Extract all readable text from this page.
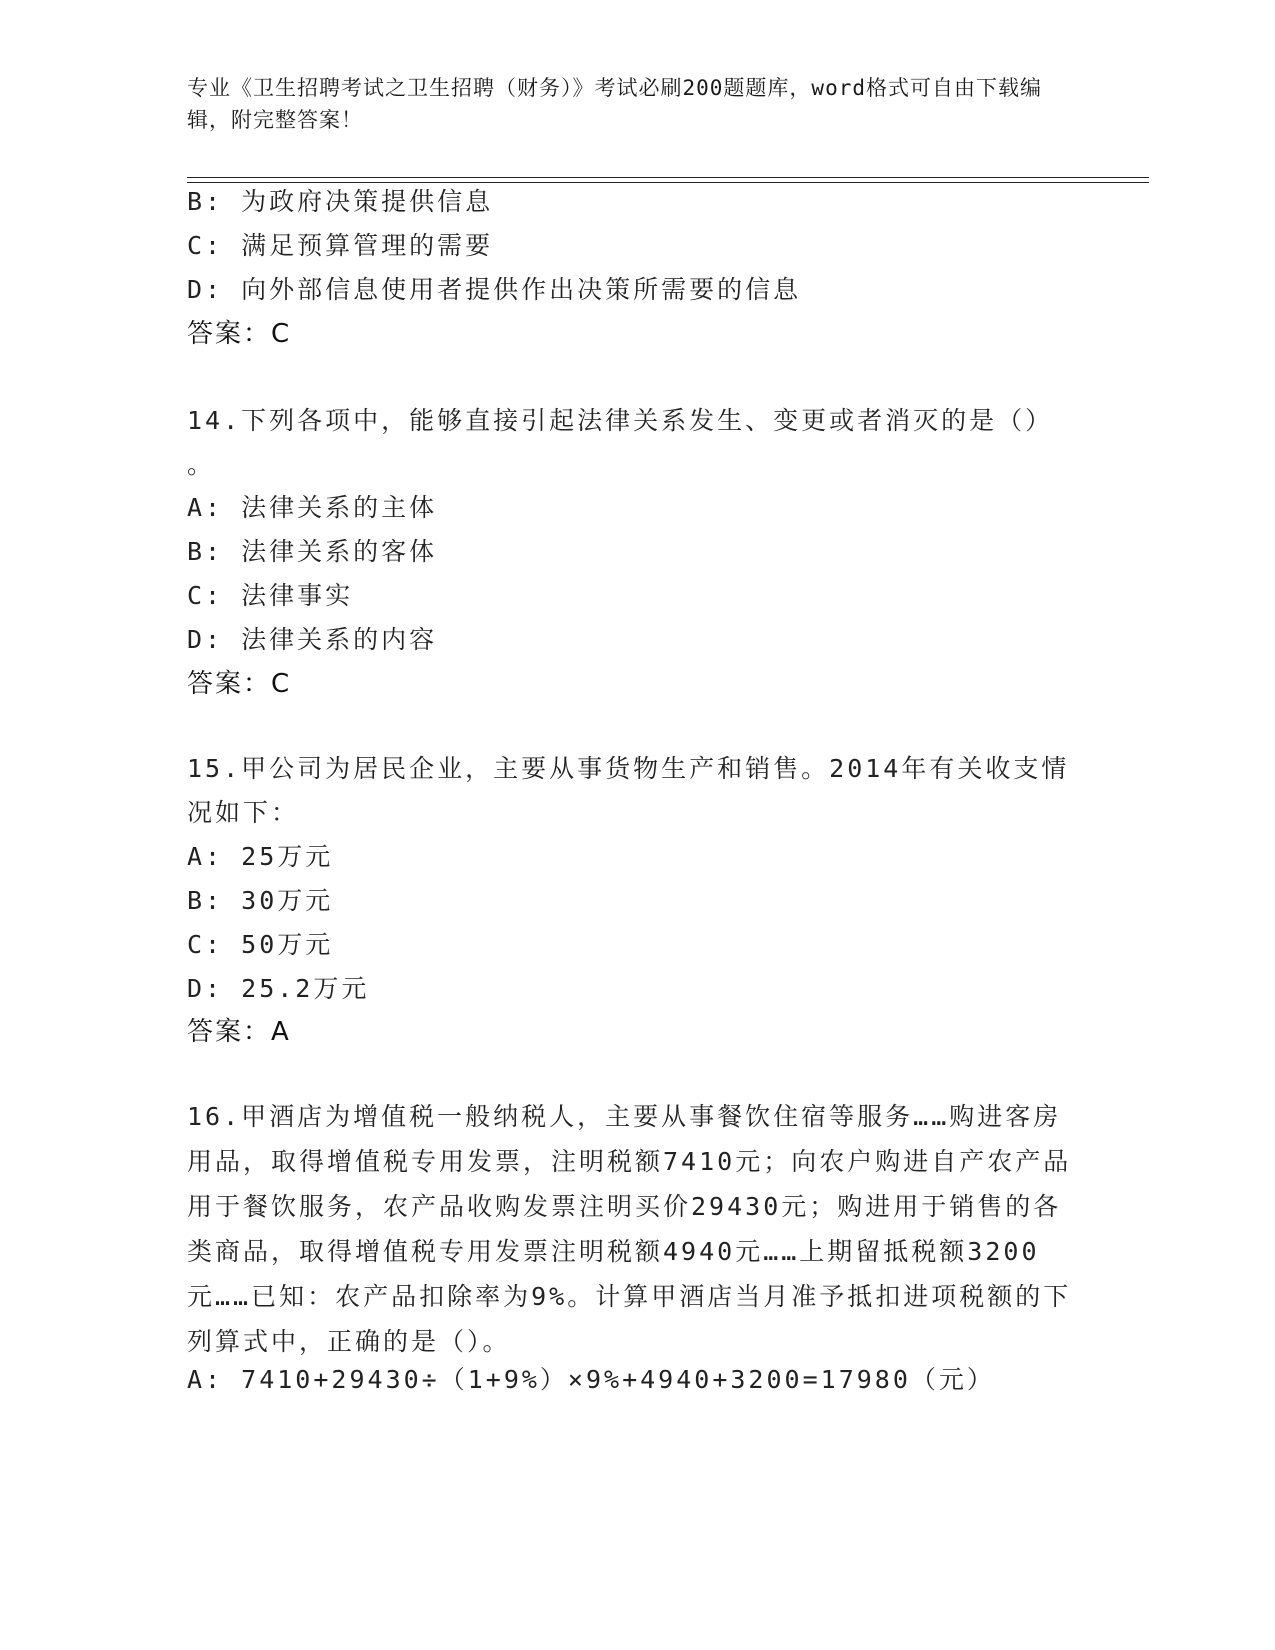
专业《卫生招聘考试之卫生招聘（财务）》考试必刷200题题库，word格式可自由下载编辑，附完整答案！
B: 为政府决策提供信息
C: 满足预算管理的需要
D: 向外部信息使用者提供作出决策所需要的信息
答案：C
14.下列各项中，能够直接引起法律关系发生、变更或者消灭的是（）
。
A: 法律关系的主体
B: 法律关系的客体
C: 法律事实
D: 法律关系的内容
答案：C
15.甲公司为居民企业，主要从事货物生产和销售。2014年有关收支情
况如下：
A: 25万元
B: 30万元
C: 50万元
D: 25.2万元
答案：A
16.甲酒店为增值税一般纳税人，主要从事餐饮住宿等服务……购进客房用品，取得增值税专用发票，注明税额7410元；向农户购进自产农产品用于餐饮服务，农产品收购发票注明买价29430元；购进用于销售的各类商品，取得增值税专用发票注明税额4940元……上期留抵税额3200元……已知：农产品扣除率为9%。计算甲酒店当月准予抵扣进项税额的下列算式中，正确的是（）。
A: 7410+29430÷（1+9%）×9%+4940+3200=17980（元）
